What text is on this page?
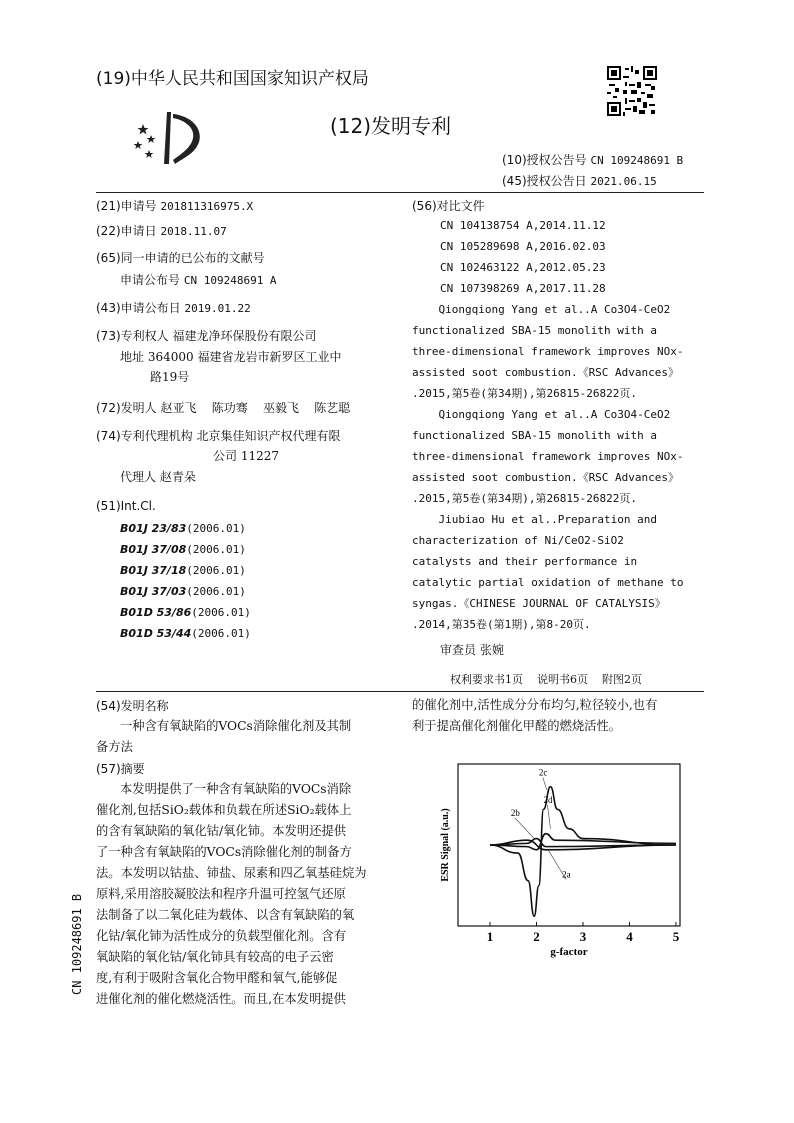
(19)中华人民共和国国家知识产权局
(12)发明专利
(10)授权公告号 CN 109248691 B
(45)授权公告日 2021.06.15
(21)申请号 201811316975.X
(22)申请日 2018.11.07
(65)同一申请的已公布的文献号
申请公布号 CN 109248691 A
(43)申请公布日 2019.01.22
(73)专利权人 福建龙净环保股份有限公司
地址 364000 福建省龙岩市新罗区工业中
路19号
(72)发明人 赵亚飞    陈功骞    巫毅飞    陈艺聪
(74)专利代理机构 北京集佳知识产权代理有限
公司 11227
代理人 赵青朵
(51)Int.Cl.
B01J 23/83(2006.01)
B01J 37/08(2006.01)
B01J 37/18(2006.01)
B01J 37/03(2006.01)
B01D 53/86(2006.01)
B01D 53/44(2006.01)
(56)对比文件
CN 104138754 A,2014.11.12
CN 105289698 A,2016.02.03
CN 102463122 A,2012.05.23
CN 107398269 A,2017.11.28
Qiongqiong Yang et al..A Co3O4-CeO2
functionalized SBA-15 monolith with a
three-dimensional framework improves NOx-
assisted soot combustion.《RSC Advances》
.2015,第5卷(第34期),第26815-26822页.
Qiongqiong Yang et al..A Co3O4-CeO2
functionalized SBA-15 monolith with a
three-dimensional framework improves NOx-
assisted soot combustion.《RSC Advances》
.2015,第5卷(第34期),第26815-26822页.
Jiubiao Hu et al..Preparation and
characterization of Ni/CeO2-SiO2
catalysts and their performance in
catalytic partial oxidation of methane to
syngas.《CHINESE JOURNAL OF CATALYSIS》
.2014,第35卷(第1期),第8-20页.
审查员 张婉
权利要求书1页    说明书6页    附图2页
(54)发明名称
一种含有氧缺陷的VOCs消除催化剂及其制
备方法
(57)摘要
本发明提供了一种含有氧缺陷的VOCs消除
催化剂,包括SiO₂载体和负载在所述SiO₂载体上
的含有氧缺陷的氧化钴/氧化铈。本发明还提供
了一种含有氧缺陷的VOCs消除催化剂的制备方
法。本发明以钴盐、铈盐、尿素和四乙氧基硅烷为
原料,采用溶胶凝胶法和程序升温可控氢气还原
法制备了以二氧化硅为载体、以含有氧缺陷的氧
化钴/氧化铈为活性成分的负载型催化剂。含有
氧缺陷的氧化钴/氧化铈具有较高的电子云密
度,有利于吸附含氧化合物甲醛和氧气,能够促
进催化剂的催化燃烧活性。而且,在本发明提供
的催化剂中,活性成分分布均匀,粒径较小,也有
利于提高催化剂催化甲醛的燃烧活性。
CN 109248691 B	1	2	3	4	5
2a
2b
2c
2d
g-factor
ESR Signal (a.u.)
